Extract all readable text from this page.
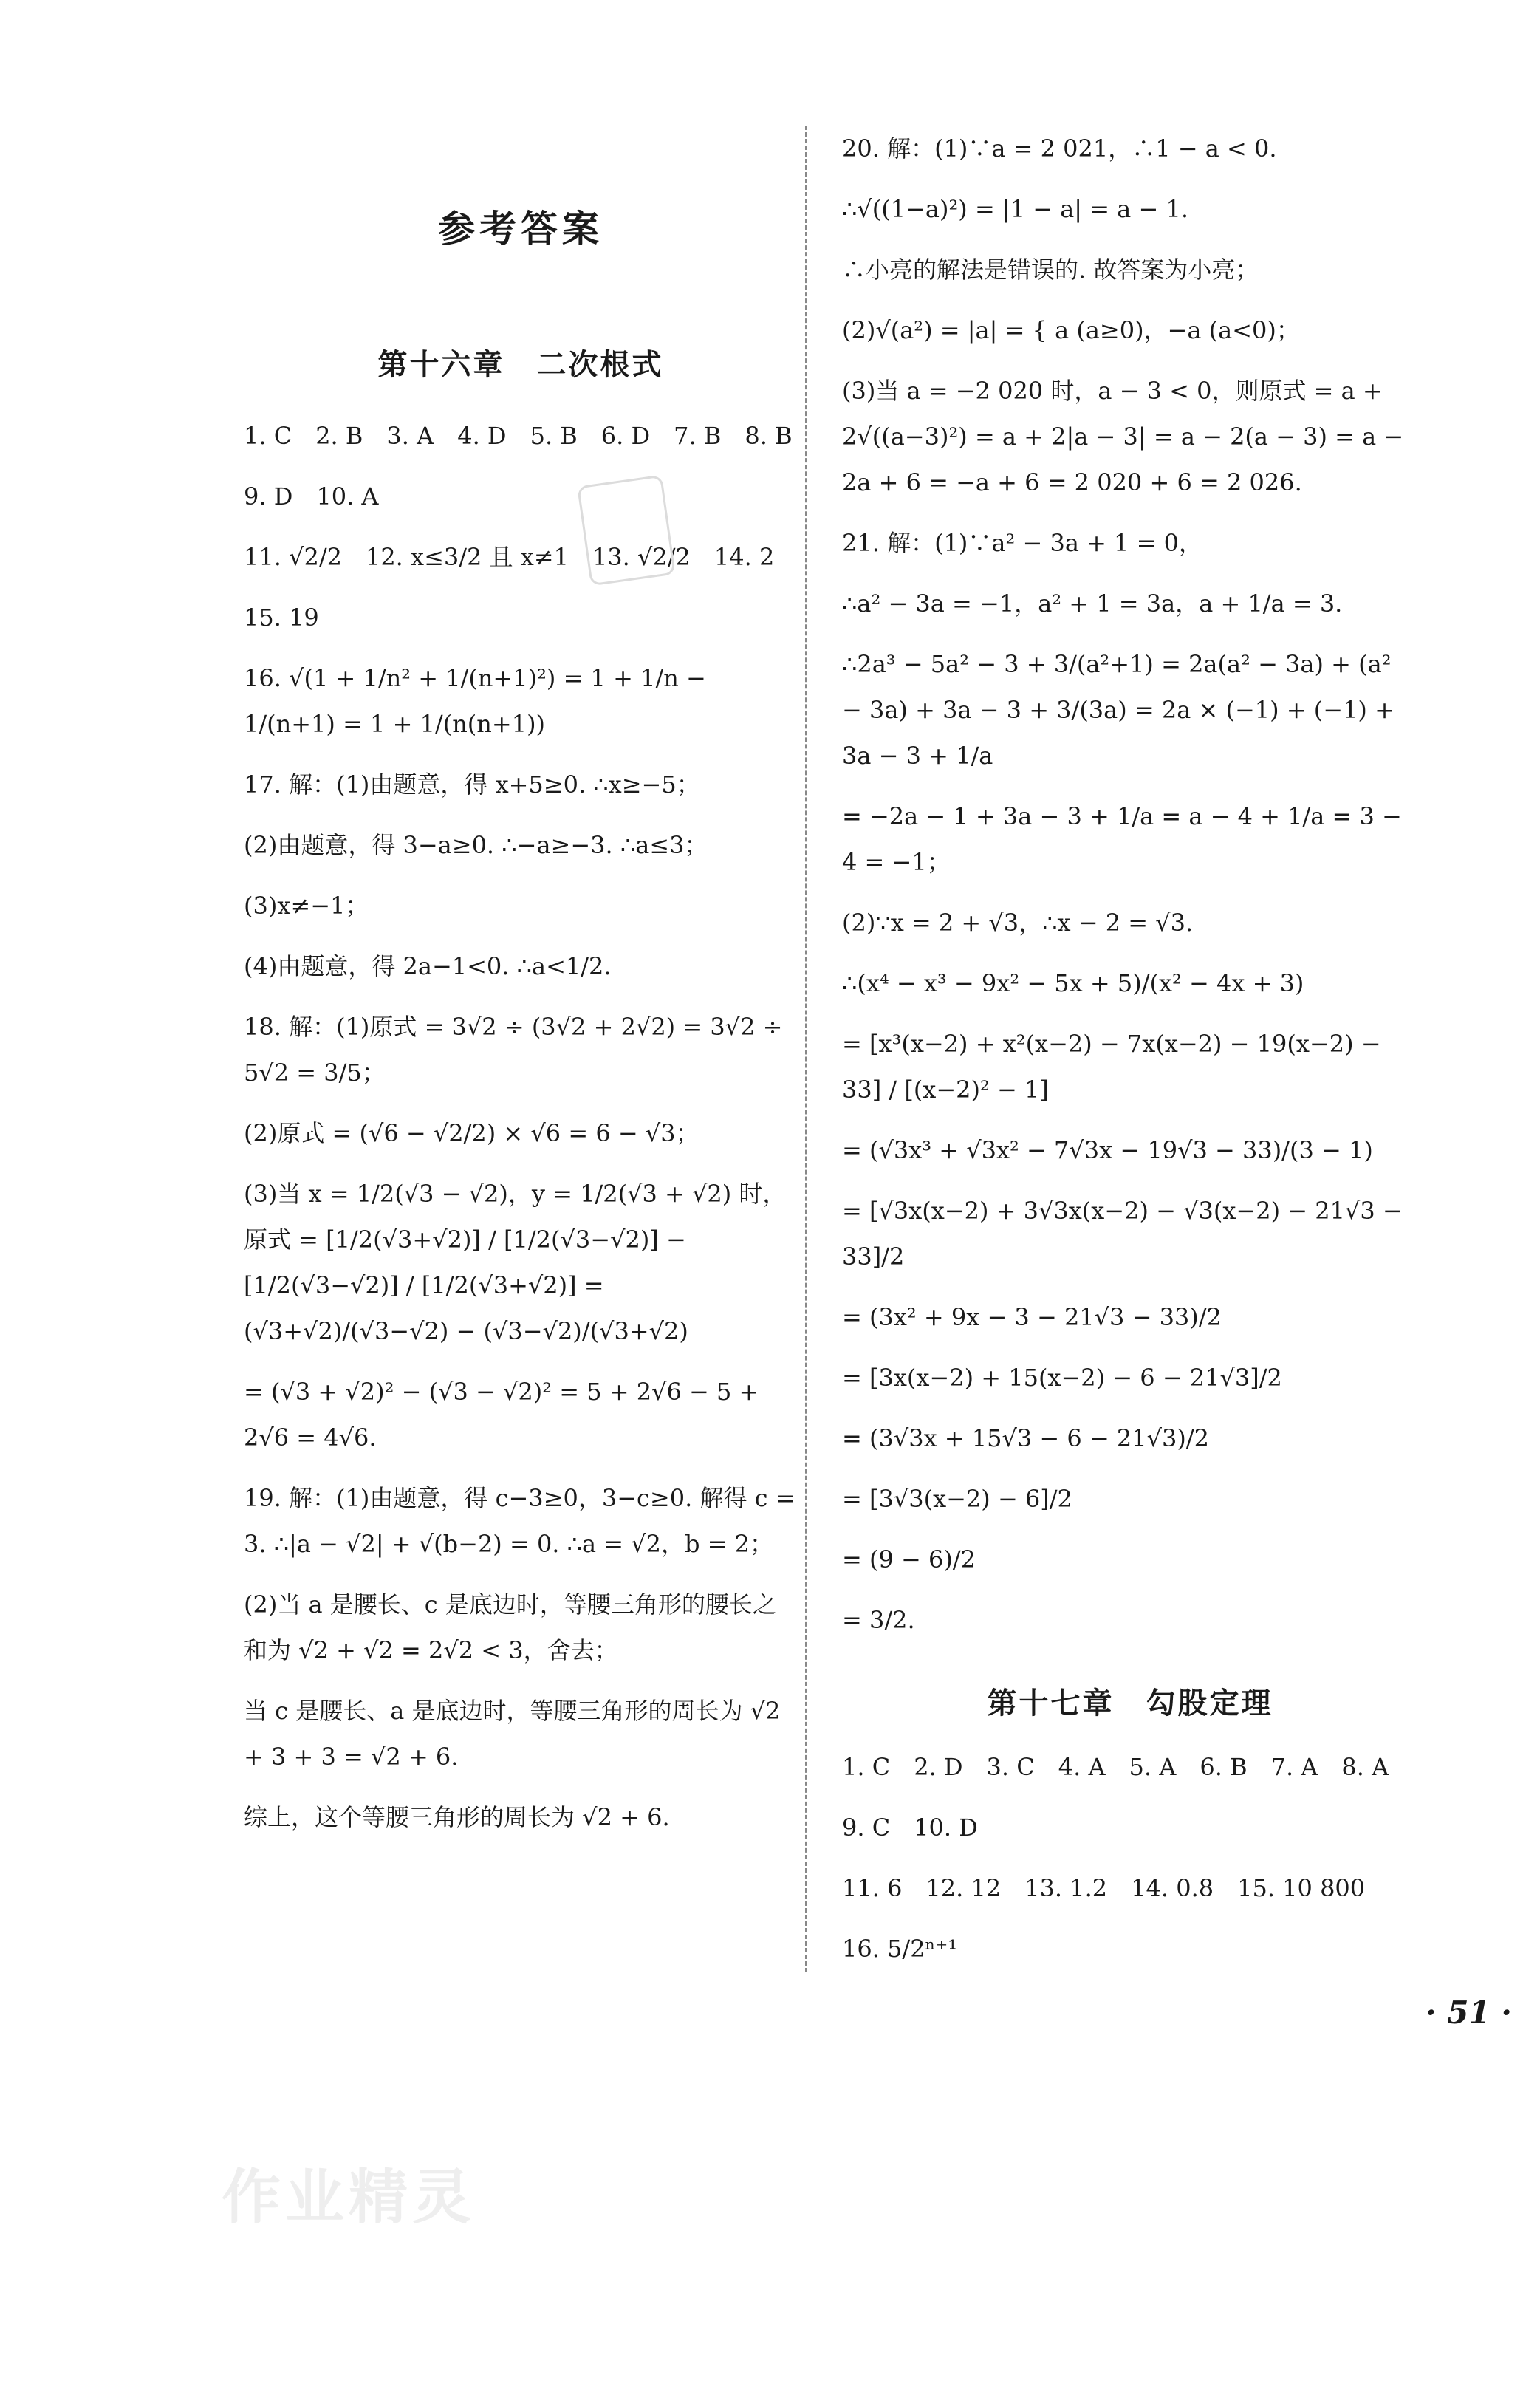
参考答案
第十六章　二次根式
1. C　2. B　3. A　4. D　5. B　6. D　7. B　8. B
9. D　10. A
11. √2/2　12. x≤3/2 且 x≠1　13. √2/2　14. 2
15. 19
16. √(1 + 1/n² + 1/(n+1)²) = 1 + 1/n − 1/(n+1) = 1 + 1/(n(n+1))
17. 解：(1)由题意，得 x+5≥0. ∴x≥−5；
(2)由题意，得 3−a≥0. ∴−a≥−3. ∴a≤3；
(3)x≠−1；
(4)由题意，得 2a−1<0. ∴a<1/2.
18. 解：(1)原式 = 3√2 ÷ (3√2 + 2√2) = 3√2 ÷ 5√2 = 3/5；
(2)原式 = (√6 − √2/2) × √6 = 6 − √3；
(3)当 x = 1/2(√3 − √2)，y = 1/2(√3 + √2) 时，原式 = [1/2(√3+√2)] / [1/2(√3−√2)] − [1/2(√3−√2)] / [1/2(√3+√2)] = (√3+√2)/(√3−√2) − (√3−√2)/(√3+√2)
= (√3 + √2)² − (√3 − √2)² = 5 + 2√6 − 5 + 2√6 = 4√6.
19. 解：(1)由题意，得 c−3≥0，3−c≥0. 解得 c = 3. ∴|a − √2| + √(b−2) = 0. ∴a = √2，b = 2；
(2)当 a 是腰长、c 是底边时，等腰三角形的腰长之和为 √2 + √2 = 2√2 < 3，舍去；
当 c 是腰长、a 是底边时，等腰三角形的周长为 √2 + 3 + 3 = √2 + 6.
综上，这个等腰三角形的周长为 √2 + 6.
20. 解：(1)∵a = 2 021，∴1 − a < 0.
∴√((1−a)²) = |1 − a| = a − 1.
∴小亮的解法是错误的. 故答案为小亮；
(2)√(a²) = |a| = { a (a≥0)，−a (a<0)；
(3)当 a = −2 020 时，a − 3 < 0，则原式 = a + 2√((a−3)²) = a + 2|a − 3| = a − 2(a − 3) = a − 2a + 6 = −a + 6 = 2 020 + 6 = 2 026.
21. 解：(1)∵a² − 3a + 1 = 0，
∴a² − 3a = −1，a² + 1 = 3a，a + 1/a = 3.
∴2a³ − 5a² − 3 + 3/(a²+1) = 2a(a² − 3a) + (a² − 3a) + 3a − 3 + 3/(3a) = 2a × (−1) + (−1) + 3a − 3 + 1/a
= −2a − 1 + 3a − 3 + 1/a = a − 4 + 1/a = 3 − 4 = −1；
(2)∵x = 2 + √3，∴x − 2 = √3.
∴(x⁴ − x³ − 9x² − 5x + 5)/(x² − 4x + 3)
= [x³(x−2) + x²(x−2) − 7x(x−2) − 19(x−2) − 33] / [(x−2)² − 1]
= (√3x³ + √3x² − 7√3x − 19√3 − 33)/(3 − 1)
= [√3x(x−2) + 3√3x(x−2) − √3(x−2) − 21√3 − 33]/2
= (3x² + 9x − 3 − 21√3 − 33)/2
= [3x(x−2) + 15(x−2) − 6 − 21√3]/2
= (3√3x + 15√3 − 6 − 21√3)/2
= [3√3(x−2) − 6]/2
= (9 − 6)/2
= 3/2.
第十七章　勾股定理
1. C　2. D　3. C　4. A　5. A　6. B　7. A　8. A
9. C　10. D
11. 6　12. 12　13. 1.2　14. 0.8　15. 10 800
16. 5/2ⁿ⁺¹
· 51 ·
作业精灵
